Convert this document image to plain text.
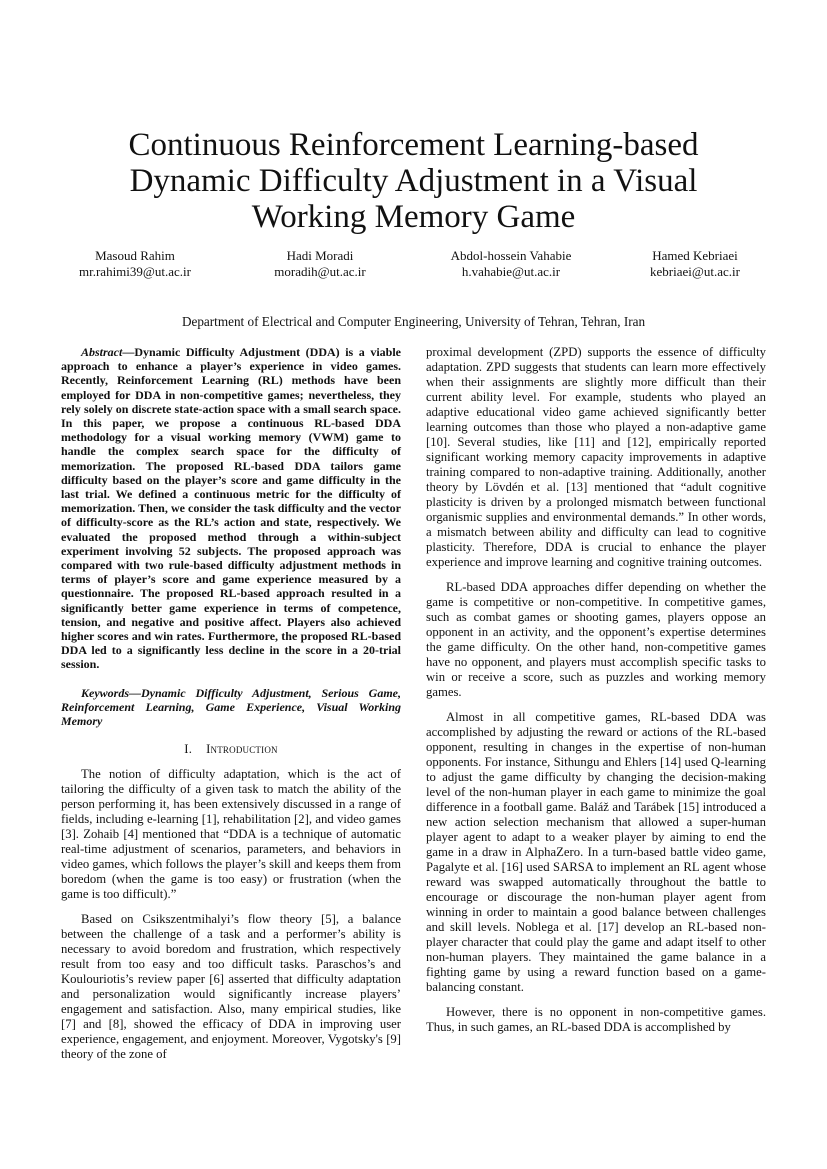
Continuous Reinforcement Learning-based
Dynamic Difficulty Adjustment in a Visual
Working Memory Game
Masoud Rahim
mr.rahimi39@ut.ac.ir
Hadi Moradi
moradih@ut.ac.ir
Abdol-hossein Vahabie
h.vahabie@ut.ac.ir
Hamed Kebriaei
kebriaei@ut.ac.ir
Department of Electrical and Computer Engineering, University of Tehran, Tehran, Iran

Abstract—Dynamic Difficulty Adjustment (DDA) is a viable approach to enhance a player’s experience in video games. Recently, Reinforcement Learning (RL) methods have been employed for DDA in non-competitive games; nevertheless, they rely solely on discrete state-action space with a small search space. In this paper, we propose a continuous RL-based DDA methodology for a visual working memory (VWM) game to handle the complex search space for the difficulty of memorization. The proposed RL-based DDA tailors game difficulty based on the player’s score and game difficulty in the last trial. We defined a continuous metric for the difficulty of memorization. Then, we consider the task difficulty and the vector of difficulty-score as the RL’s action and state, respectively. We evaluated the proposed method through a within-subject experiment involving 52 subjects. The proposed approach was compared with two rule-based difficulty adjustment methods in terms of player’s score and game experience measured by a questionnaire. The proposed RL-based approach resulted in a significantly better game experience in terms of competence, tension, and negative and positive affect. Players also achieved higher scores and win rates. Furthermore, the proposed RL-based DDA led to a significantly less decline in the score in a 20-trial session.

Keywords—Dynamic Difficulty Adjustment, Serious Game, Reinforcement Learning, Game Experience, Visual Working Memory

I. Introduction

The notion of difficulty adaptation, which is the act of tailoring the difficulty of a given task to match the ability of the person performing it, has been extensively discussed in a range of fields, including e-learning [1], rehabilitation [2], and video games [3]. Zohaib [4] mentioned that “DDA is a technique of automatic real-time adjustment of scenarios, parameters, and behaviors in video games, which follows the player’s skill and keeps them from boredom (when the game is too easy) or frustration (when the game is too difficult).”

Based on Csikszentmihalyi’s flow theory [5], a balance between the challenge of a task and a performer’s ability is necessary to avoid boredom and frustration, which respectively result from too easy and too difficult tasks. Paraschos’s and Koulouriotis’s review paper [6] asserted that difficulty adaptation and personalization would significantly increase players’ engagement and satisfaction. Also, many empirical studies, like [7] and [8], showed the efficacy of DDA in improving user experience, engagement, and enjoyment. Moreover, Vygotsky's [9] theory of the zone of

proximal development (ZPD) supports the essence of difficulty adaptation. ZPD suggests that students can learn more effectively when their assignments are slightly more difficult than their current ability level. For example, students who played an adaptive educational video game achieved significantly better learning outcomes than those who played a non-adaptive game [10]. Several studies, like [11] and [12], empirically reported significant working memory capacity improvements in adaptive training compared to non-adaptive training. Additionally, another theory by Lövdén et al. [13] mentioned that “adult cognitive plasticity is driven by a prolonged mismatch between functional organismic supplies and environmental demands.” In other words, a mismatch between ability and difficulty can lead to cognitive plasticity. Therefore, DDA is crucial to enhance the player experience and improve learning and cognitive training outcomes.

RL-based DDA approaches differ depending on whether the game is competitive or non-competitive. In competitive games, such as combat games or shooting games, players oppose an opponent in an activity, and the opponent’s expertise determines the game difficulty. On the other hand, non-competitive games have no opponent, and players must accomplish specific tasks to win or receive a score, such as puzzles and working memory games.

Almost in all competitive games, RL-based DDA was accomplished by adjusting the reward or actions of the RL-based opponent, resulting in changes in the expertise of non-human opponents. For instance, Sithungu and Ehlers [14] used Q-learning to adjust the game difficulty by changing the decision-making level of the non-human player in each game to minimize the goal difference in a football game. Baláž and Tarábek [15] introduced a new action selection mechanism that allowed a super-human player agent to adapt to a weaker player by aiming to end the game in a draw in AlphaZero. In a turn-based battle video game, Pagalyte et al. [16] used SARSA to implement an RL agent whose reward was swapped automatically throughout the battle to encourage or discourage the non-human player agent from winning in order to maintain a good balance between challenges and skill levels. Noblega et al. [17] develop an RL-based non-player character that could play the game and adapt itself to other non-human players. They maintained the game balance in a fighting game by using a reward function based on a game-balancing constant.

However, there is no opponent in non-competitive games. Thus, in such games, an RL-based DDA is accomplished by
